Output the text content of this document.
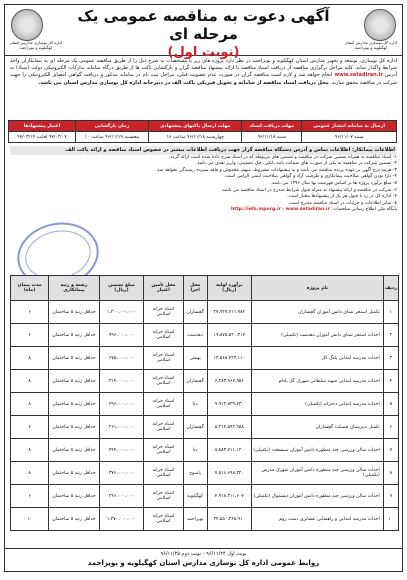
اداره کل نوسازی مدارس استان کهگیلویه و بویراحمد
آگهی دعوت به مناقصه عمومی یک مرحله ای
(نوبت اول)
اداره کل نوسازی مدارس استان کهگیلویه و بویراحمد
اداره کل نوسازی، توسعه و تجهیز مدارس استان کهگیلویه و بویراحمد در نظر دارد پروژه های زیر با مشخصات به شرح ذیل را از طریق مناقصه عمومی یک مرحله ای به پیمانکاران واجد شرایط واگذار نماید. کلیه مراحل برگزاری مناقصه از دریافت اسناد مناقصه تا ارائه پیشنهاد مناقصه گران و بازگشایی پاکت ها از طریق درگاه سامانه تدارکات الکترونیکی دولت (ستاد) به آدرس www.setadiran.ir انجام خواهد شد و لازم است مناقصه گران در صورت عدم عضویت قبلی، مراحل ثبت نام در سامانه مذکور و دریافت گواهی امضای الکترونیکی را جهت شرکت در مناقصه محقق سازند. محل دریافت اسناد مناقصه از سامانه و تحویل فیزیکی پاکت الف در دبیرخانه اداره کل نوسازی مدارس استان می باشد.
ارسال به سامانه انتشار عمومی	مهلت دریافت اسناد	مهلت ارسال پاکتهای پیشنهادی	زمان بازگشایی	اعتبار پیشنهادها
شنبه ۹۶/۱۱/۰۷	شنبه ۹۶/۱۱/۱۸	چهارشنبه ۹۶/۱۱/۱۸ ساعت ۱۶	پنجشنبه ۹۶/۱۱/۱۹ ساعت ۱۰	۹۷/۰۳/۰۷ لغایت ۹۷/۰۳/۱۴
اطلاعات پیمانکار: اطلاعات تماس و آدرس دستگاه مناقصه گزار جهت دریافت اطلاعات بیشتر در خصوص اسناد مناقصه و ارائه پاکت الف
۱- اسناد مناقصه به همراه تضمین شرکت در مناقصه و تضمین های مربوطه که در اسناد شرح داده شده است ارائه گردد.
۲- تضمین شرکت در مناقصه به یکی از صورت های ضمانت نامه بانکی، چک تضمینی، واریز نقدی می باشد.
۳- هزینه درج آگهی بر عهده برنده مناقصه می باشد و به پیشنهادات مشروط، مبهم، مخدوش و فاقد سپرده رسیدگی نخواهد شد.
۴- دارا بودن گواهی صلاحیت پیمانکاری و ظرفیت آزاد و گواهی صلاحیت ایمنی الزامی است.
۵- مبلغ برآورد پروژه ها بر اساس فهرست بها سال ۱۳۹۶ می باشد.
۶- شرکت در مناقصه و ارائه پیشنهاد به منزله قبول شرایط مندرج در اسناد مناقصه می باشد.
۷- اداره کل در رد یا قبول هر یک از پیشنهادها مختار است.
۸- سایر اطلاعات و جزئیات در اسناد مناقصه مندرج است.
پایگاه ملی اطلاع رسانی مناقصات: http://iets.mporg.ir - www.setadiran.ir
ردیف	نام پروژه	برآورد اولیه (ریال)	محل اجرا	محل تامین اعتبار	مبلغ تضمین (ریال)	رشته و رتبه پیمانکاری	مدت پیمان (ماه)
۱	تکمیل استخر شنای دانش آموزان گچساران	۲۷،۹۲۷،۲۱۱،۹۸۴	گچساران	اسناد خزانه اسلامی	۱،۳۰۰،۰۰۰،۰۰۰	حداقل رتبه ۵ ساختمان	۶
۲	احداث استخر شنای دانش آموزان دهدشت (تکمیلی)	۱۹،۸۷۵،۵۲۰،۳۱۷	دهدشت	اسناد خزانه اسلامی	۹۹۶،۰۰۰،۰۰۰	حداقل رتبه ۵ ساختمان	۶
۳	احداث مدرسه ابتدایی پلنگ کار	۱۳،۵۶۸،۴۲۳،۱۱۰	بهمئی	اسناد خزانه اسلامی	۶۷۸،۰۰۰،۰۰۰	حداقل رتبه ۵ ساختمان	۸
۴	احداث مدرسه ابتدایی شهید سلطانی شهرک گل بادام	۶،۲۸۳،۹۶۷،۹۵۶	گچساران	اسناد خزانه اسلامی	۳۱۴،۰۰۰،۰۰۰	حداقل رتبه ۵ ساختمان	۸
۵	احداث مدرسه ابتدایی دخترانه (تکمیلی)	۹،۹۱۲،۸۳۹،۶۳۰	دنا	اسناد خزانه اسلامی	۴۹۶،۰۰۰،۰۰۰	حداقل رتبه ۵ ساختمان	۸
۶	تکمیل دبیرستان فضیلت گچساران	۵،۲۱۴،۵۹۲،۹۵۸	گچساران	اسناد خزانه اسلامی	۲۶۱،۰۰۰،۰۰۰	حداقل رتبه ۵ ساختمان	۶
۷	احداث سالن ورزشی چند منظوره دانش آموزان سیسخت (تکمیلی)	۸،۸۸۳،۷۱۱،۱۲۰	دنا	اسناد خزانه اسلامی	۴۴۴،۰۰۰،۰۰۰	حداقل رتبه ۵ ساختمان	۸
۸	احداث سالن ورزشی چند منظوره دانش آموزان شهرک مدرس (تکمیلی)	۷،۵۱۶،۶۹۸،۲۲۰	یاسوج	اسناد خزانه اسلامی	۳۷۶،۰۰۰،۰۰۰	حداقل رتبه ۵ ساختمان	۸
۹	احداث سالن ورزشی چند منظوره دانش آموزان دیشموک (تکمیلی)	۴،۹۱۸،۲۱۱،۶۰۷	کهگیلویه	اسناد خزانه اسلامی	۲۴۶،۰۰۰،۰۰۰	حداقل رتبه ۵ ساختمان	۶
۱۰	احداث مدرسه ابتدایی و راهنمایی عشایری دشت روم	۳۴،۵۵۰،۳۶۵،۹۱۰	بویراحمد	اسناد خزانه اسلامی	۱،۳۷۰،۰۰۰،۰۰۰	حداقل رتبه ۵ ساختمان	۱۰
نوبت اول ۹۶/۱۱/۲۴ - نوبت دوم ۹۶/۱۱/۲۵
روابط عمومی اداره کل نوسازی مدارس استان کهگیلویه و بویراحمد
